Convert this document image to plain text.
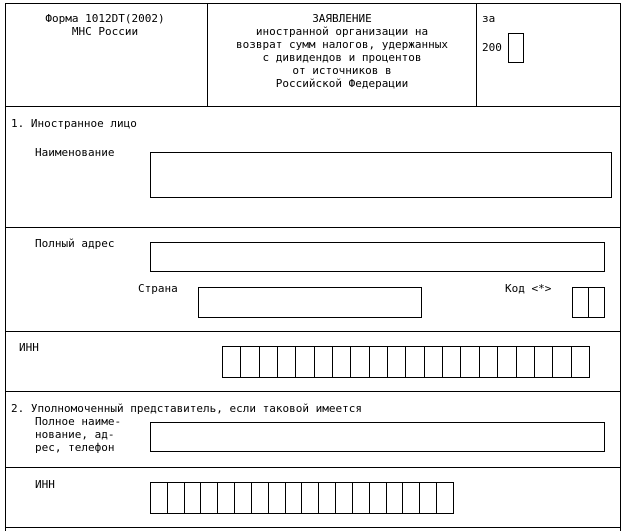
Форма 1012DT(2002)
МНС России
ЗАЯВЛЕНИЕ
иностранной организации на
возврат сумм налогов, удержанных
с дивидендов и процентов
от источников в
Российской Федерации
за
200
1. Иностранное лицо
Наименование
Полный адрес
Страна	Код <*>
ИНН
2. Уполномоченный представитель, если таковой имеется
Полное наиме-
нование, ад-
рес, телефон
ИНН
